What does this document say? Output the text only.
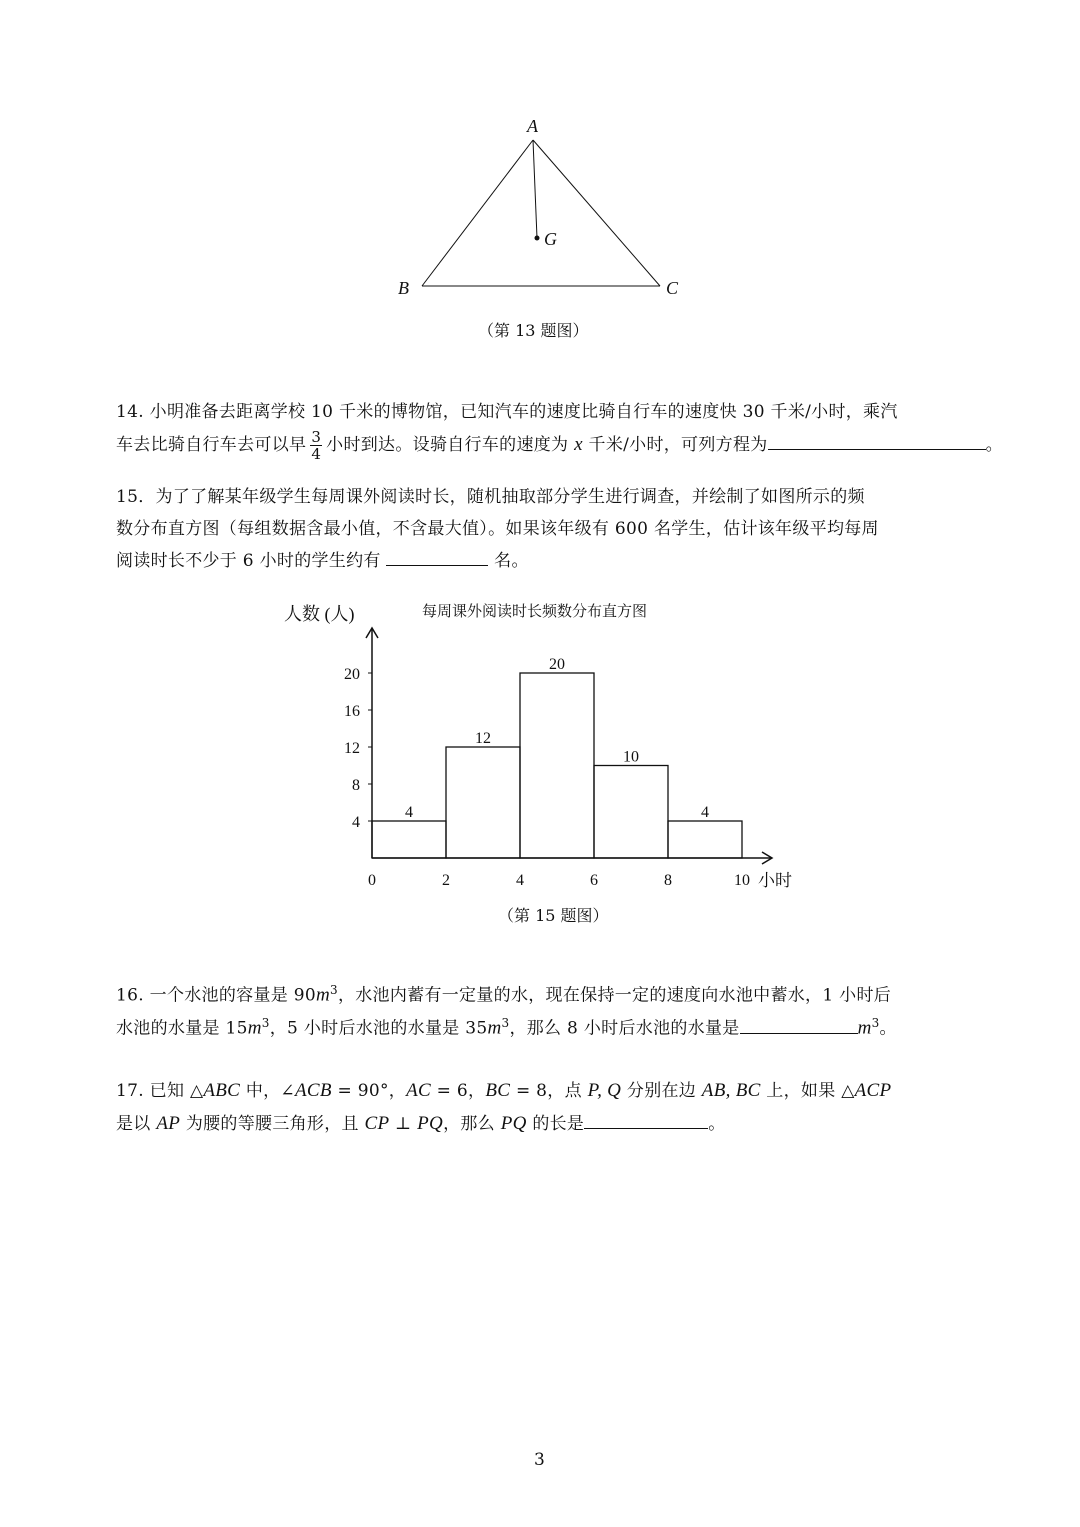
A
B	C
G
（第 13 题图）
14. 小明准备去距离学校 10 千米的博物馆，已知汽车的速度比骑自行车的速度快 30 千米/小时，乘汽
车去比骑自行车去可以早 $\frac{3}{4}$ 小时到达。设骑自行车的速度为 x 千米/小时，可列方程为	。
15．为了了解某年级学生每周课外阅读时长，随机抽取部分学生进行调查，并绘制了如图所示的频
数分布直方图（每组数据含最小值，不含最大值）。如果该年级有 600 名学生，估计该年级平均每周
阅读时长不少于 6 小时的学生约有	名。
人数 (人)	每周课外阅读时长频数分布直方图
小时
4
12
20
10
4
4
8
12
16
20
0	2	4	6	8	10
（第 15 题图）
16. 一个水池的容量是 $90m^3$，水池内蓄有一定量的水，现在保持一定的速度向水池中蓄水，1 小时后
水池的水量是 $15m^3$，5 小时后水池的水量是 $35m^3$，那么 8 小时后水池的水量是	$m^3$。
17. 已知 △ABC 中，∠ACB = 90°，AC = 6，BC = 8，点 P, Q 分别在边 AB, BC 上，如果 △ACP
是以 AP 为腰的等腰三角形，且 CP ⊥ PQ，那么 PQ 的长是	。
3
